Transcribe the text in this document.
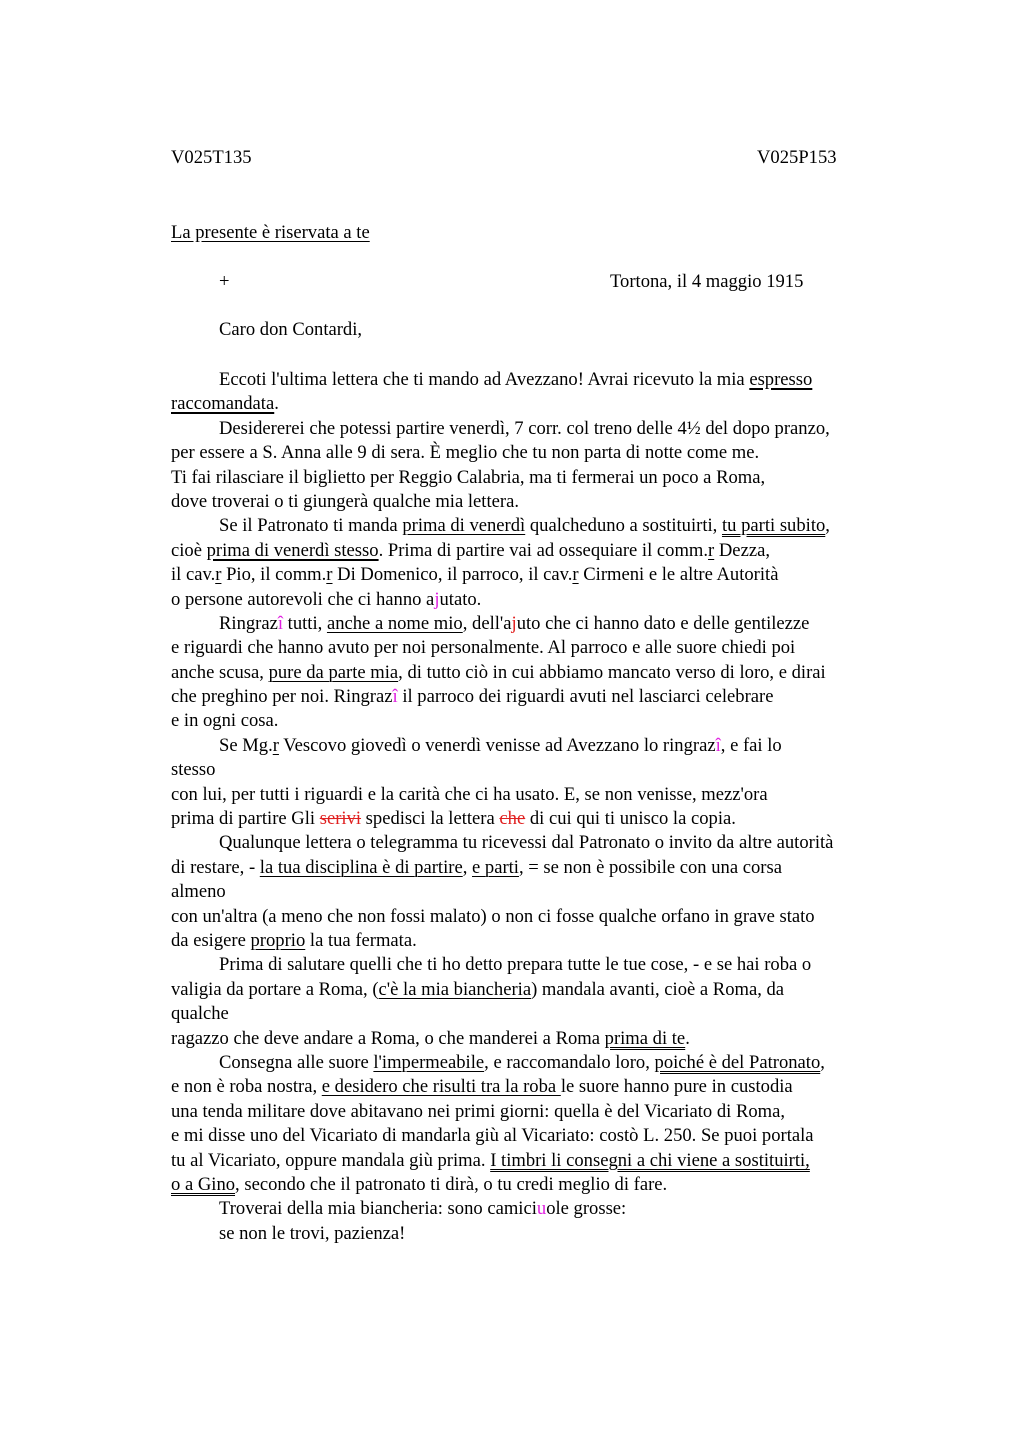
V025T135	V025P153
La presente è riservata a te
+	Tortona, il 4 maggio 1915
Caro don Contardi,
Eccoti l'ultima lettera che ti mando ad Avezzano! Avrai ricevuto la mia espresso
raccomandata.
Desidererei che potessi partire venerdì, 7 corr. col treno delle 4½ del dopo pranzo,
per essere a S. Anna alle 9 di sera. È meglio che tu non parta di notte come me.
Ti fai rilasciare il biglietto per Reggio Calabria, ma ti fermerai un poco a Roma,
dove troverai o ti giungerà qualche mia lettera.
Se il Patronato ti manda prima di venerdì qualcheduno a sostituirti, tu parti subito,
cioè prima di venerdì stesso. Prima di partire vai ad ossequiare il comm.r Dezza,
il cav.r Pio, il comm.r Di Domenico, il parroco, il cav.r Cirmeni e le altre Autorità
o persone autorevoli che ci hanno ajutato.
Ringrazî tutti, anche a nome mio, dell'ajuto che ci hanno dato e delle gentilezze
e riguardi che hanno avuto per noi personalmente. Al parroco e alle suore chiedi poi
anche scusa, pure da parte mia, di tutto ciò in cui abbiamo mancato verso di loro, e dirai
che preghino per noi. Ringrazî il parroco dei riguardi avuti nel lasciarci celebrare
e in ogni cosa.
Se Mg.r Vescovo giovedì o venerdì venisse ad Avezzano lo ringrazî, e fai lo
stesso
con lui, per tutti i riguardi e la carità che ci ha usato. E, se non venisse, mezz'ora
prima di partire Gli serivi spedisci la lettera che di cui qui ti unisco la copia.
Qualunque lettera o telegramma tu ricevessi dal Patronato o invito da altre autorità
di restare, - la tua disciplina è di partire, e parti, = se non è possibile con una corsa
almeno
con un'altra (a meno che non fossi malato) o non ci fosse qualche orfano in grave stato
da esigere proprio la tua fermata.
Prima di salutare quelli che ti ho detto prepara tutte le tue cose, - e se hai roba o
valigia da portare a Roma, (c'è la mia biancheria) mandala avanti, cioè a Roma, da
qualche
ragazzo che deve andare a Roma, o che manderei a Roma prima di te.
Consegna alle suore l'impermeabile, e raccomandalo loro, poiché è del Patronato,
e non è roba nostra, e desidero che risulti tra la roba le suore hanno pure in custodia
una tenda militare dove abitavano nei primi giorni: quella è del Vicariato di Roma,
e mi disse uno del Vicariato di mandarla giù al Vicariato: costò L. 250. Se puoi portala
tu al Vicariato, oppure mandala giù prima. I timbri li consegni a chi viene a sostituirti,
o a Gino, secondo che il patronato ti dirà, o tu credi meglio di fare.
Troverai della mia biancheria: sono camiciuole grosse:
se non le trovi, pazienza!
